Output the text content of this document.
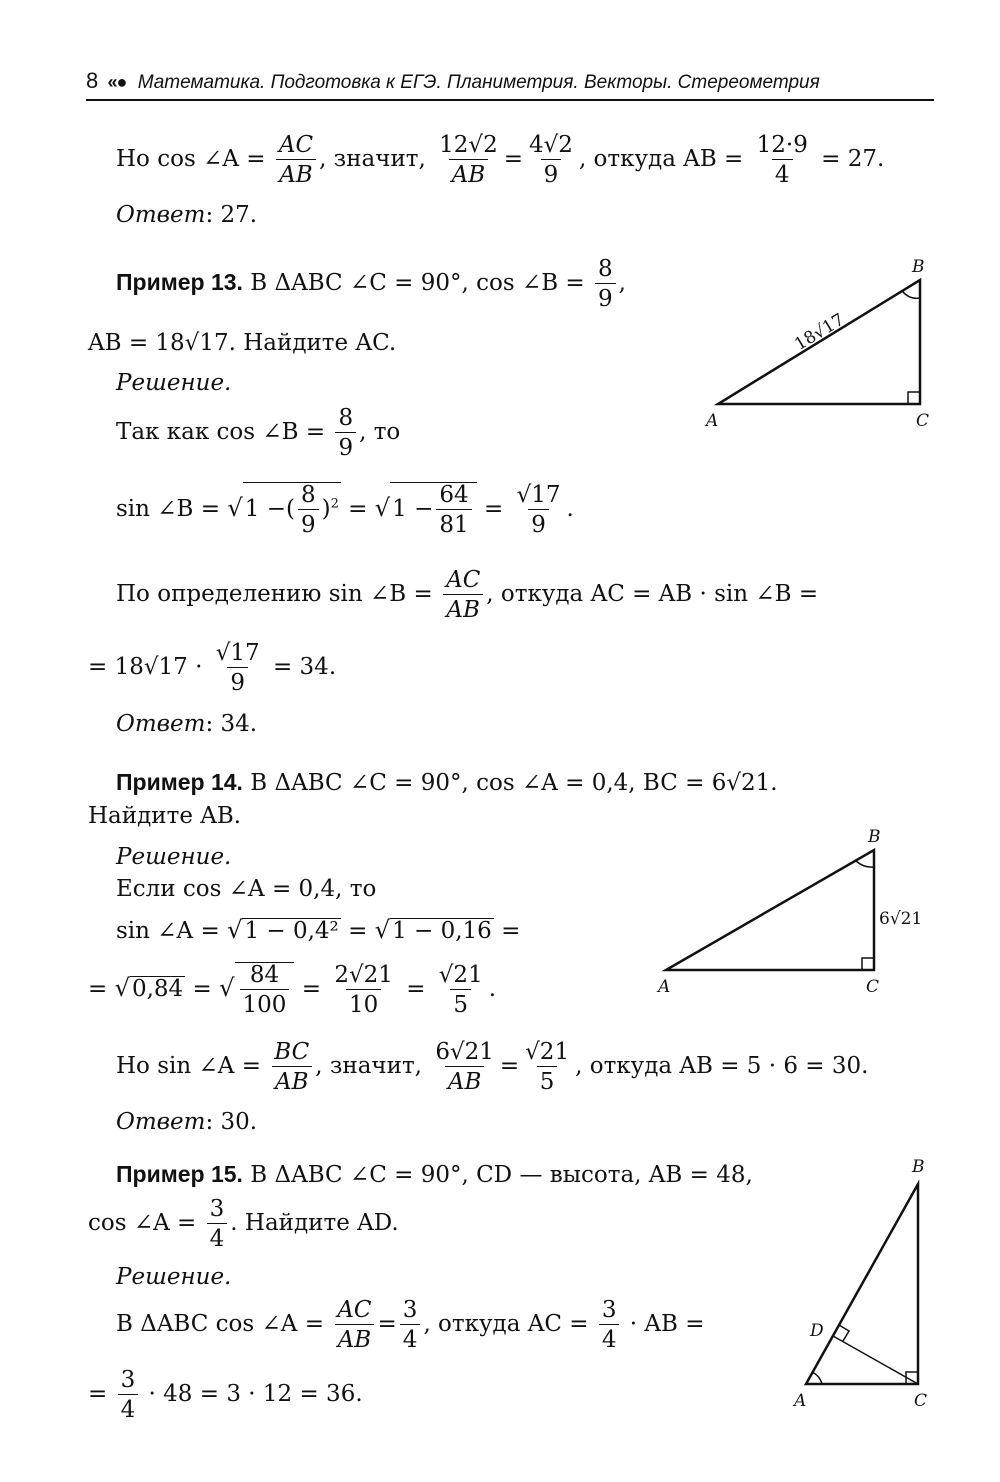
8 «● Математика. Подготовка к ЕГЭ. Планиметрия. Векторы. Стереометрия
Но cos ∠A = $\frac{AC}{AB}$ , значит, $\frac{12√2}{AB} = \frac{4√2}{9}$ , откуда AB = $\frac{12\cdot 9}{4} = 27$.
Ответ: 27.
Пример 13. В ΔABC ∠C = 90°, cos ∠B = $\frac{8}{9}$ ,
AB = 18√17. Найдите AC.
Решение.
Так как cos ∠B = $\frac{8}{9}$ , то
sin ∠B = √1 −( $\frac{8}{9} )^2 = √1 - \frac{64}{81} = \frac{√17}{9}$ .
По определению sin ∠B = $\frac{AC}{AB}$ , откуда AC = AB · sin ∠B =
= $18√17 \cdot \frac{√17}{9} = 34$.
Ответ: 34.
B
A	C
18√17
Пример 14. В ΔABC ∠C = 90°, cos ∠A = 0,4, BC = 6√21.
Найдите AB.
Решение.
Если cos ∠A = 0,4, то
sin ∠A = √1 − 0,4² = √1 − 0,16 =
= √0,84 = √ $\frac{84}{100} = \frac{2√21}{10} = \frac{√21}{5}$ .
Но sin ∠A = $\frac{BC}{AB}$ , значит, $\frac{6√21}{AB} = \frac{√21}{5}$ , откуда AB = 5 · 6 = 30.
Ответ: 30.
B
A	C
6√21
Пример 15. В ΔABC ∠C = 90°, CD — высота, AB = 48,
cos ∠A = $\frac{3}{4}$ . Найдите AD.
Решение.
В ΔABC cos ∠A = $\frac{AC}{AB} = \frac{3}{4}$ , откуда AC = $\frac{3}{4}$ · AB =
= $\frac{3}{4} \cdot 48 = 3 \cdot 12 = 36$.
B
A	C
D
